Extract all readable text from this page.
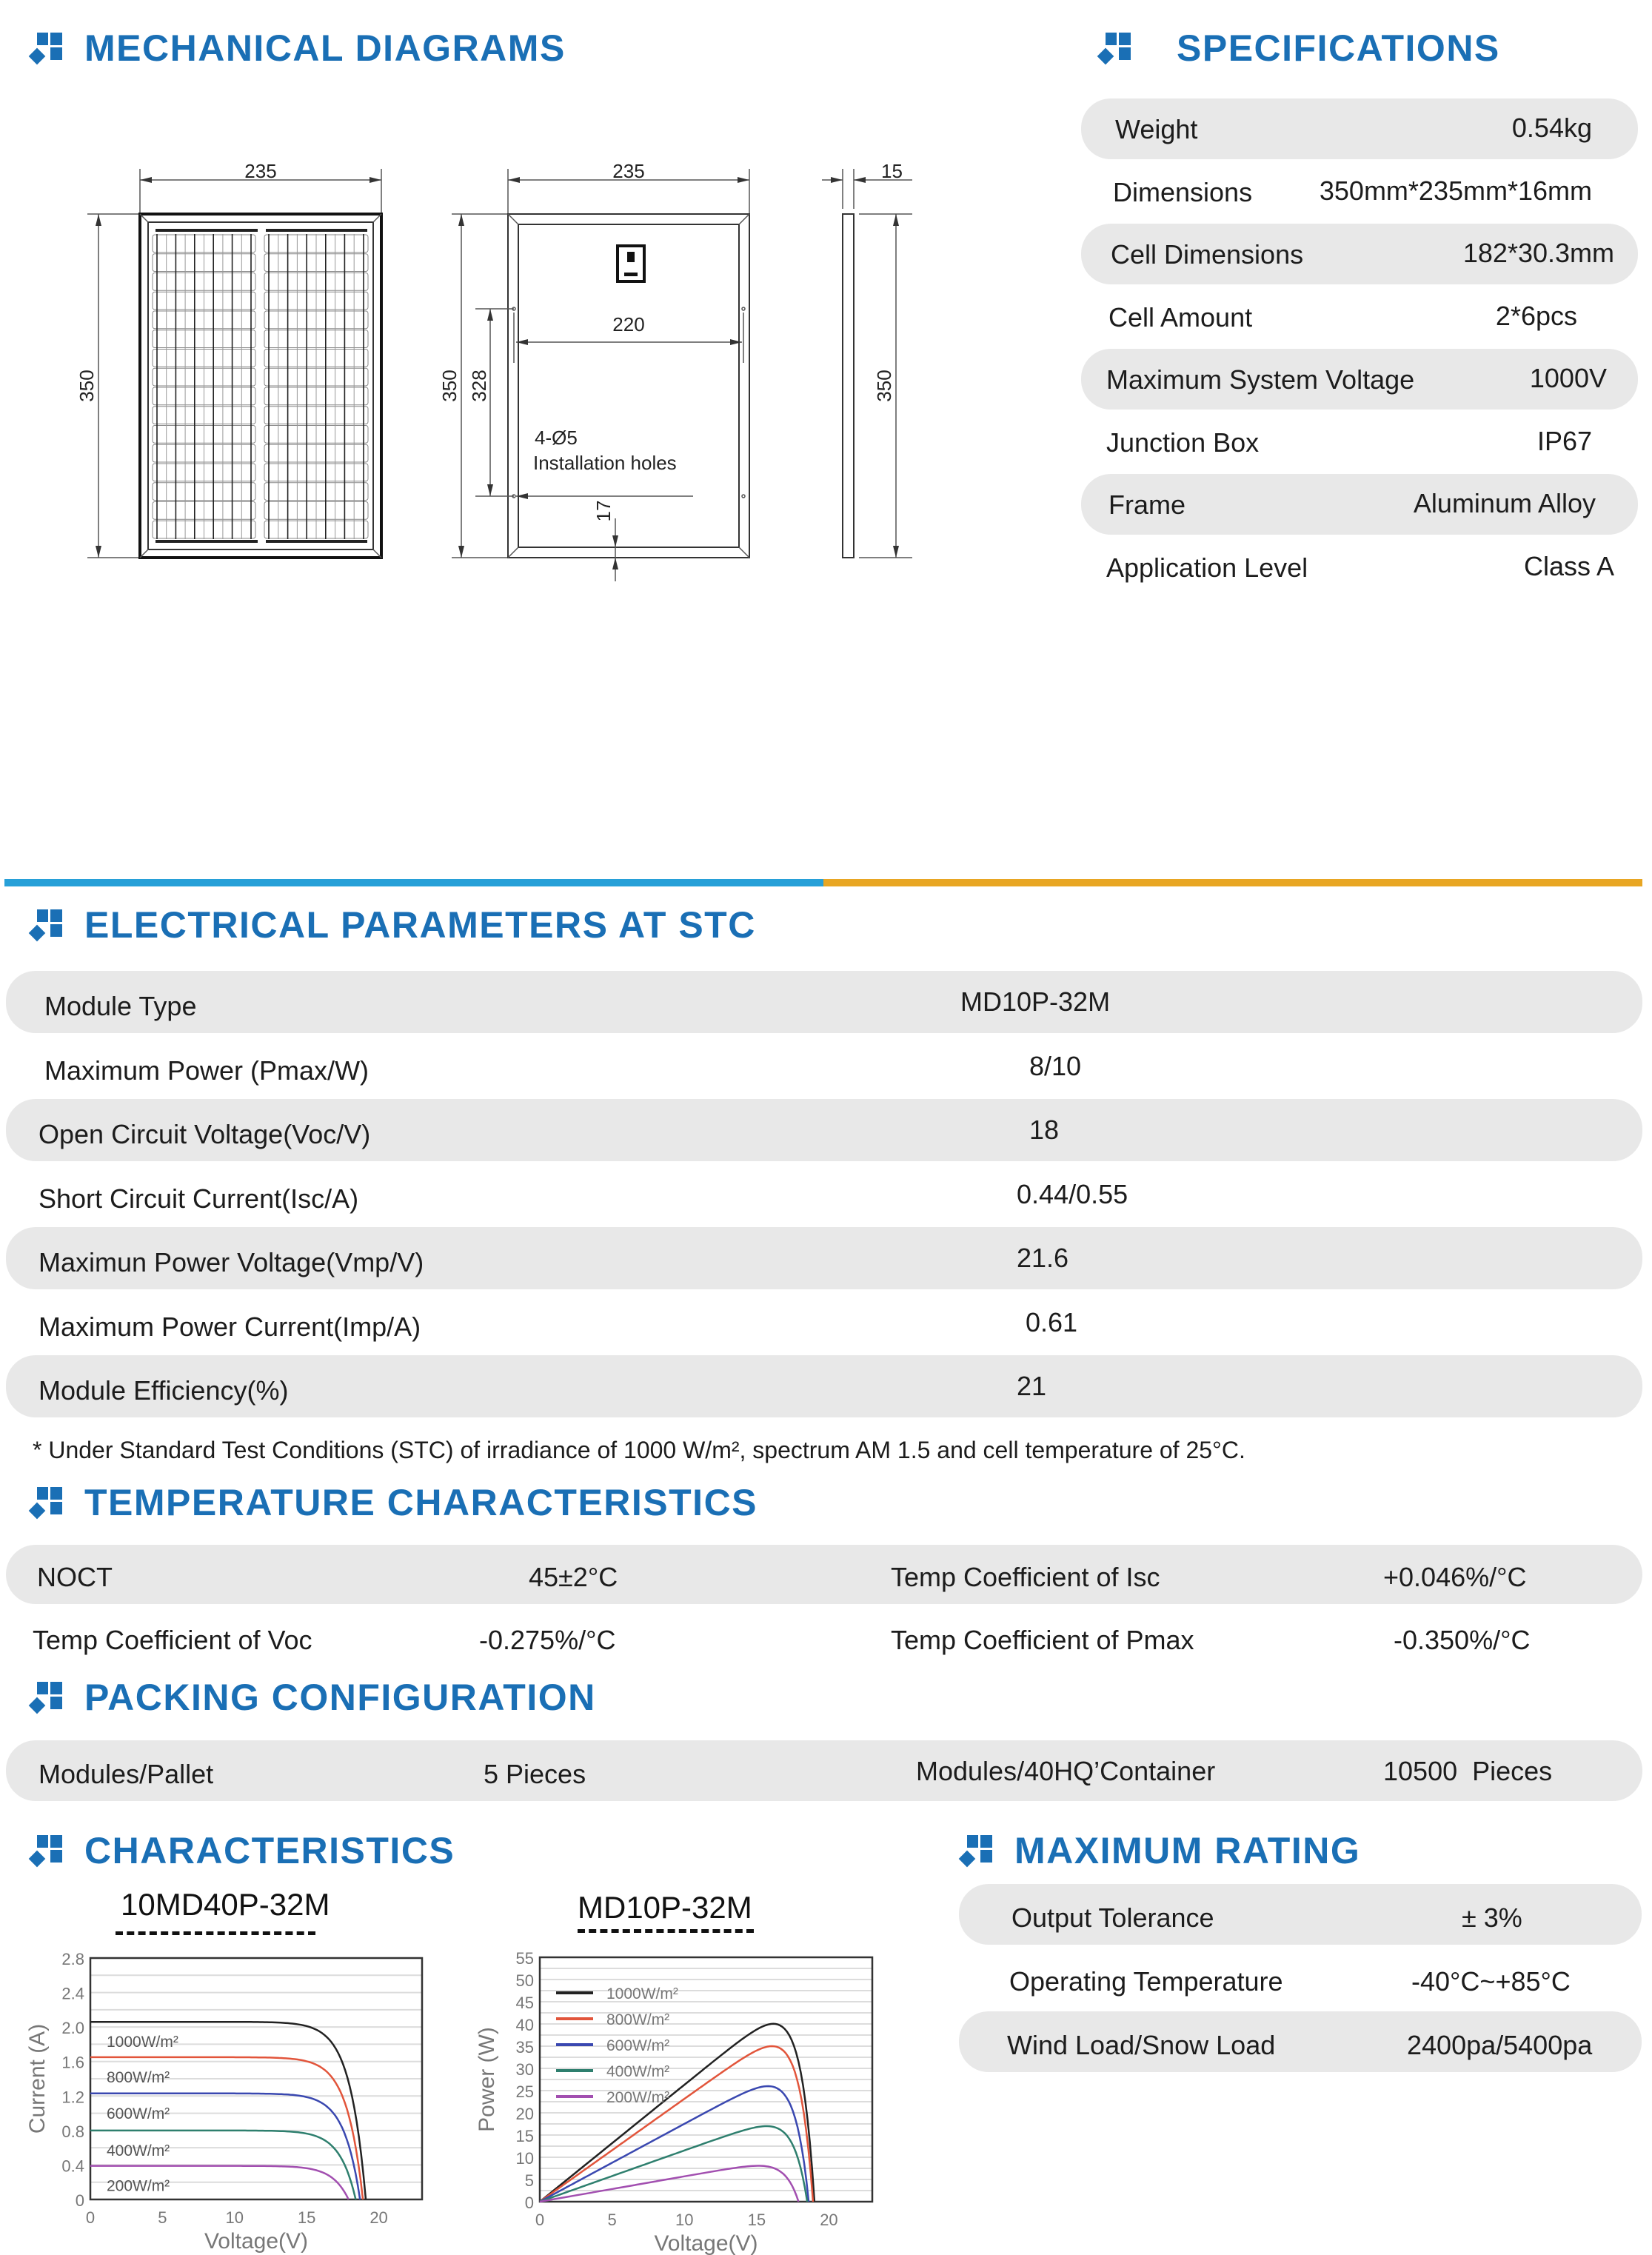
MECHANICAL DIAGRAMS
235
350
235
350 328
220
4-Ø5
Installation holes
17
15
350
SPECIFICATIONS
Weight	0.54kg
Dimensions	350mm*235mm*16mm
Cell Dimensions	182*30.3mm
Cell Amount	2*6pcs
Maximum System Voltage	1000V
Junction Box	IP67
Frame	Aluminum Alloy
Application Level	Class A
ELECTRICAL PARAMETERS AT STC
Module Type	MD10P-32M
Maximum Power (Pmax/W)	8/10
Open Circuit Voltage(Voc/V)	18
Short Circuit Current(Isc/A)	0.44/0.55
Maximun Power Voltage(Vmp/V)	21.6
Maximum Power Current(Imp/A)	0.61
Module Efficiency(%)	21
* Under Standard Test Conditions (STC) of irradiance of 1000 W/m², spectrum AM 1.5 and cell temperature of 25°C.
TEMPERATURE CHARACTERISTICS
NOCT	45±2°C	Temp Coefficient of Isc	+0.046%/°C
Temp Coefficient of Voc	-0.275%/°C	Temp Coefficient of Pmax	-0.350%/°C
PACKING CONFIGURATION
Modules/Pallet	5 Pieces	Modules/40HQ’Container	10500  Pieces
CHARACTERISTICS
10MD40P-32M
0
0.4
0.8
1.2
1.6
2.0
2.4
2.8
0	5	10	15	20
Voltage(V)
Current (A)	1000W/m²
800W/m²
600W/m²
400W/m²
200W/m²
MD10P-32M
0
5
10
15
20
25
30
35
40
45
50
55
0	5	10	15	20
Voltage(V)
Power (W)
1000W/m²
800W/m²
600W/m²
400W/m²
200W/m²
MAXIMUM RATING
Output Tolerance	± 3%
Operating Temperature	-40°C~+85°C
Wind Load/Snow Load	2400pa/5400pa
